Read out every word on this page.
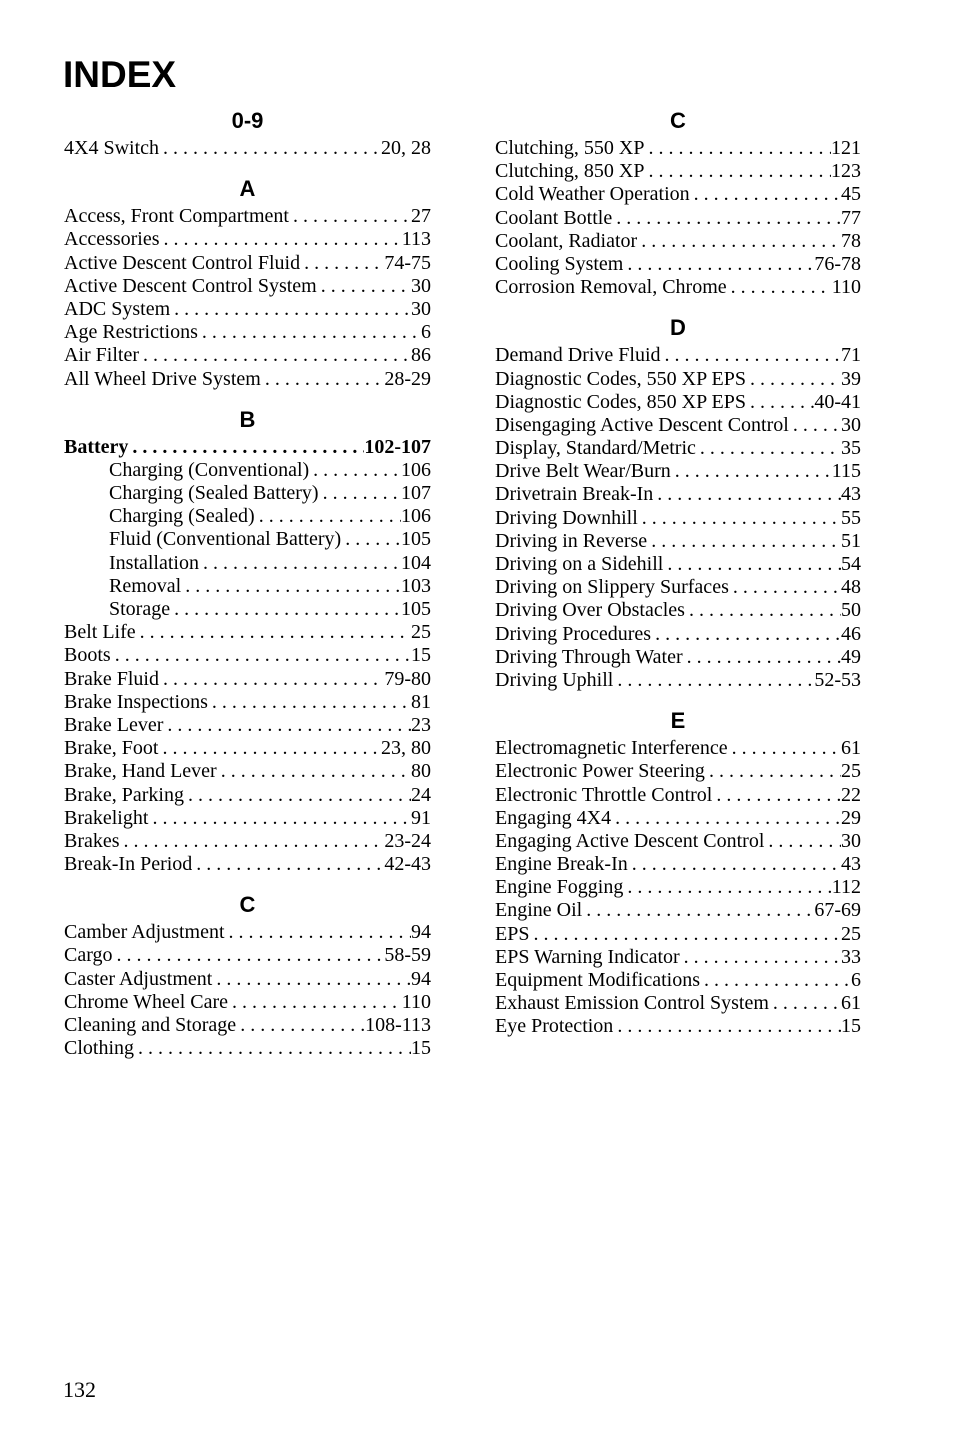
INDEX
0-9
4X4 Switch . . .	20, 28
A
Access, Front Compartment . . .	27
Accessories . . .	113
Active Descent Control Fluid . . .	74-75
Active Descent Control System . . .	30
ADC System . . .	30
Age Restrictions . . .	6
Air Filter . . .	86
All Wheel Drive System . . .	28-29
B
Battery . . .	102-107
Charging (Conventional) . . .	106
Charging (Sealed Battery) . . .	107
Charging (Sealed) . . .	106
Fluid (Conventional Battery) . . .	105
Installation . . .	104
Removal . . .	103
Storage . . .	105
Belt Life . . .	25
Boots . . .	15
Brake Fluid . . .	79-80
Brake Inspections . . .	81
Brake Lever . . .	23
Brake, Foot . . .	23, 80
Brake, Hand Lever . . .	80
Brake, Parking . . .	24
Brakelight . . .	91
Brakes . . .	23-24
Break-In Period . . .	42-43
C
Camber Adjustment . . .	94
Cargo . . .	58-59
Caster Adjustment . . .	94
Chrome Wheel Care . . .	110
Cleaning and Storage . . .	108-113
Clothing . . .	15
C
Clutching, 550 XP . . .	121
Clutching, 850 XP . . .	123
Cold Weather Operation . . .	45
Coolant Bottle . . .	77
Coolant, Radiator . . .	78
Cooling System . . .	76-78
Corrosion Removal, Chrome . . .	110
D
Demand Drive Fluid . . .	71
Diagnostic Codes, 550 XP EPS . . .	39
Diagnostic Codes, 850 XP EPS . . .	40-41
Disengaging Active Descent Control . . .	30
Display, Standard/Metric . . .	35
Drive Belt Wear/Burn . . .	115
Drivetrain Break-In . . .	43
Driving Downhill . . .	55
Driving in Reverse . . .	51
Driving on a Sidehill . . .	54
Driving on Slippery Surfaces . . .	48
Driving Over Obstacles . . .	50
Driving Procedures . . .	46
Driving Through Water . . .	49
Driving Uphill . . .	52-53
E
Electromagnetic Interference . . .	61
Electronic Power Steering . . .	25
Electronic Throttle Control . . .	22
Engaging 4X4 . . .	29
Engaging Active Descent Control . . .	30
Engine Break-In . . .	43
Engine Fogging . . .	112
Engine Oil . . .	67-69
EPS . . .	25
EPS Warning Indicator . . .	33
Equipment Modifications . . .	6
Exhaust Emission Control System . . .	61
Eye Protection . . .	15
132
